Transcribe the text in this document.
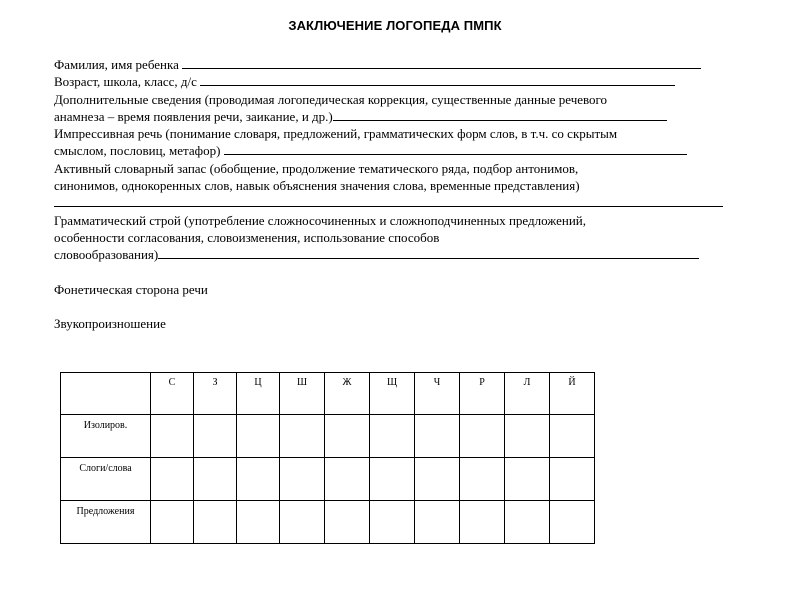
ЗАКЛЮЧЕНИЕ ЛОГОПЕДА ПМПК
Фамилия, имя ребенка
Возраст, школа, класс, д/с
Дополнительные сведения (проводимая логопедическая коррекция, существенные данные речевого
анамнеза – время появления речи, заикание, и др.)
Импрессивная речь (понимание словаря, предложений, грамматических форм слов, в т.ч. со скрытым
смыслом, пословиц, метафор)
Активный словарный запас (обобщение, продолжение тематического ряда, подбор антонимов,
синонимов, однокоренных слов, навык объяснения значения слова, временные представления)
Грамматический строй (употребление сложносочиненных и сложноподчиненных предложений,
особенности согласования, словоизменения, использование способов
словообразования)
Фонетическая сторона речи
Звукопроизношение
	С	З	Ц	Ш	Ж	Щ	Ч	Р	Л	Й
Изолиров.										
Слоги/слова										
Предложения										
